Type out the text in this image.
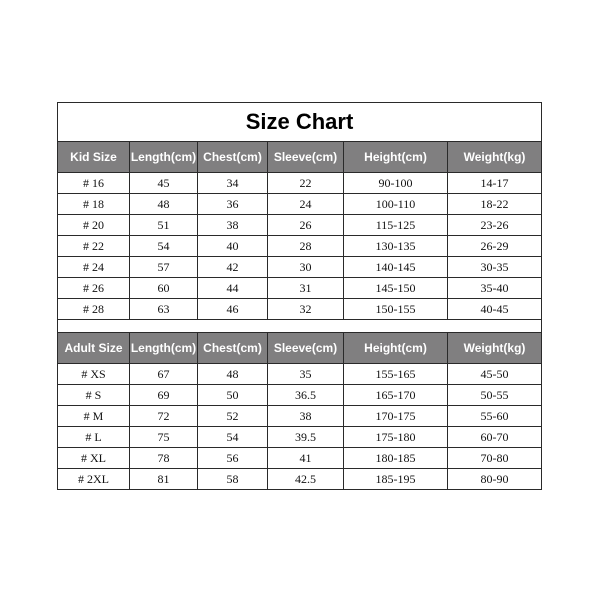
Size Chart					
Kid Size	Length(cm)	Chest(cm)	Sleeve(cm)	Height(cm)	Weight(kg)
# 16	45	34	22	90-100	14-17
# 18	48	36	24	100-110	18-22
# 20	51	38	26	115-125	23-26
# 22	54	40	28	130-135	26-29
# 24	57	42	30	140-145	30-35
# 26	60	44	31	145-150	35-40
# 28	63	46	32	150-155	40-45

Adult Size	Length(cm)	Chest(cm)	Sleeve(cm)	Height(cm)	Weight(kg)
# XS	67	48	35	155-165	45-50
# S	69	50	36.5	165-170	50-55
# M	72	52	38	170-175	55-60
# L	75	54	39.5	175-180	60-70
# XL	78	56	41	180-185	70-80
# 2XL	81	58	42.5	185-195	80-90
